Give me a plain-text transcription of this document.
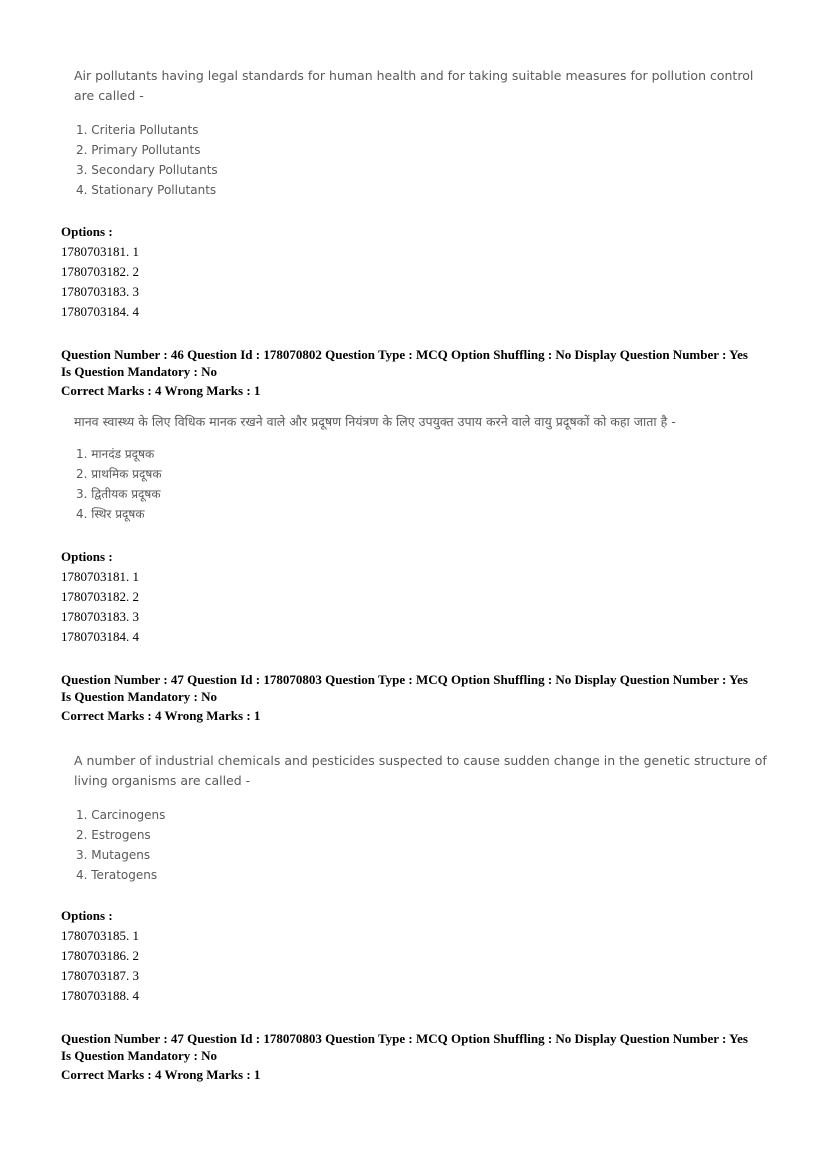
Air pollutants having legal standards for human health and for taking suitable measures for pollution control are called -
1. Criteria Pollutants
2. Primary Pollutants
3. Secondary Pollutants
4. Stationary Pollutants
Options :
1780703181. 1
1780703182. 2
1780703183. 3
1780703184. 4
Question Number : 46 Question Id : 178070802 Question Type : MCQ Option Shuffling : No Display Question Number : Yes
Is Question Mandatory : No
Correct Marks : 4 Wrong Marks : 1
मानव स्वास्थ्य के लिए विधिक मानक रखने वाले और प्रदूषण नियंत्रण के लिए उपयुक्त उपाय करने वाले वायु प्रदूषकों को कहा जाता है -
1. मानदंड प्रदूषक
2. प्राथमिक प्रदूषक
3. द्वितीयक प्रदूषक
4. स्थिर प्रदूषक
Options :
1780703181. 1
1780703182. 2
1780703183. 3
1780703184. 4
Question Number : 47 Question Id : 178070803 Question Type : MCQ Option Shuffling : No Display Question Number : Yes
Is Question Mandatory : No
Correct Marks : 4 Wrong Marks : 1
A number of industrial chemicals and pesticides suspected to cause sudden change in the genetic structure of living organisms are called -
1. Carcinogens
2. Estrogens
3. Mutagens
4. Teratogens
Options :
1780703185. 1
1780703186. 2
1780703187. 3
1780703188. 4
Question Number : 47 Question Id : 178070803 Question Type : MCQ Option Shuffling : No Display Question Number : Yes
Is Question Mandatory : No
Correct Marks : 4 Wrong Marks : 1
